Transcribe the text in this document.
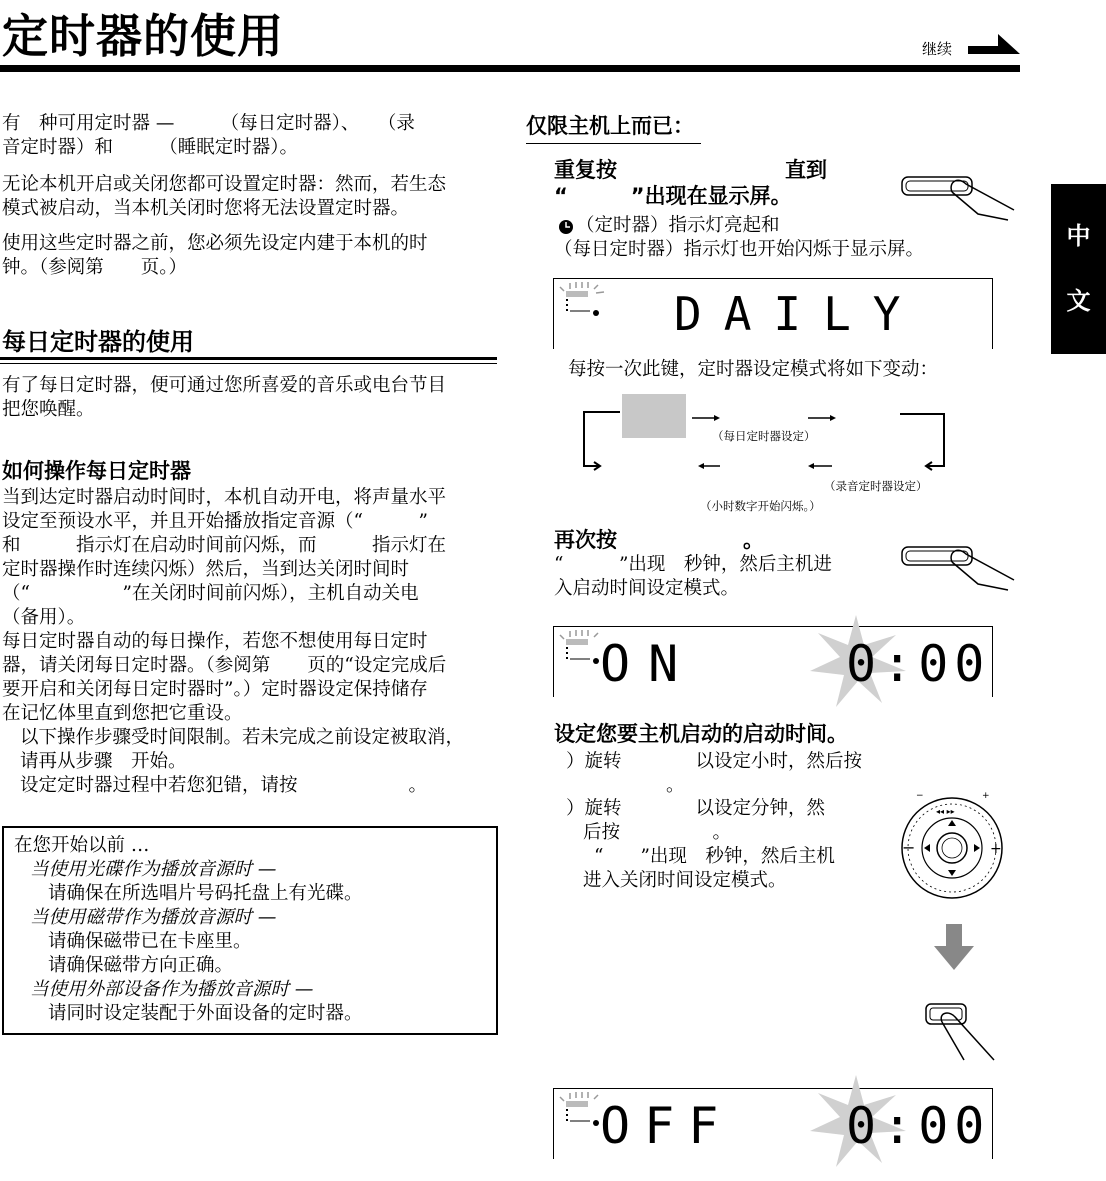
定时器的使用	继续
中
文
有　种可用定时器 —　　　（每日定时器）、　　（录
音定时器）和　　　（睡眠定时器）。
无论本机开启或关闭您都可设置定时器：然而，若生态
模式被启动，当本机关闭时您将无法设置定时器。
使用这些定时器之前，您必须先设定内建于本机的时
钟。（参阅第　　页。）
每日定时器的使用
有了每日定时器，便可通过您所喜爱的音乐或电台节目
把您唤醒。
如何操作每日定时器
当到达定时器启动时间时，本机自动开电，将声量水平
设定至预设水平，并且开始播放指定音源（“　　　”
和　　　指示灯在启动时间前闪烁，而　　　指示灯在
定时器操作时连续闪烁）然后，当到达关闭时间时
（“　　　　　”在关闭时间前闪烁），主机自动关电
（备用）。
每日定时器自动的每日操作，若您不想使用每日定时
器，请关闭每日定时器。（参阅第　　页的“设定完成后
要开启和关闭每日定时器时”。）定时器设定保持储存
在记忆体里直到您把它重设。
以下操作步骤受时间限制。若未完成之前设定被取消，
请再从步骤　开始。
设定定时器过程中若您犯错，请按　　　　　　。
在您开始以前 …
当使用光碟作为播放音源时 —
请确保在所选唱片号码托盘上有光碟。
当使用磁带作为播放音源时 —
请确保磁带已在卡座里。
请确保磁带方向正确。
当使用外部设备作为播放音源时 —
请同时设定装配于外面设备的定时器。
仅限主机上而已：
重复按　　　　　　　　直到
“　　　”出现在显示屏。
（定时器）指示灯亮起和
（每日定时器）指示灯也开始闪烁于显示屏。
DAILY
每按一次此键，定时器设定模式将如下变动：
（每日定时器设定）
（录音定时器设定）
（小时数字开始闪烁。）
再次按　　　　　　。
“　　　”出现　秒钟，然后主机进
入启动时间设定模式。
ON	0:00
设定您要主机启动的启动时间。
）旋转　　　　以设定小时，然后按
。
）旋转　　　　以设定分钟，然
后按　　　　　。
“　　”出现　秒钟，然后主机
进入关闭时间设定模式。
−	+
−	+
◂◂ ▸▸
OFF 0:00
